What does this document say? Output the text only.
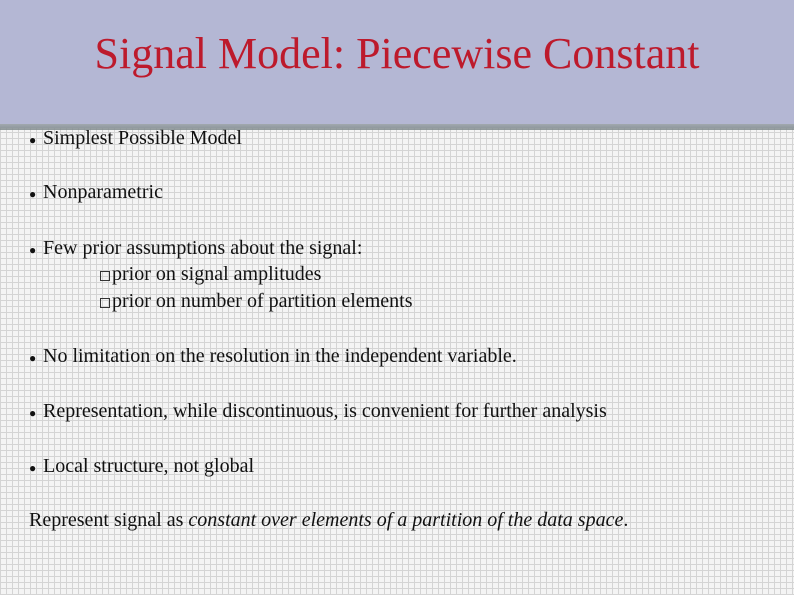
Signal Model: Piecewise Constant
● Simplest Possible Model
● Nonparametric
● Few prior assumptions about the signal:
prior on signal amplitudes
prior on number of partition elements
● No limitation on the resolution in the independent variable.
● Representation, while discontinuous, is convenient for further analysis
● Local structure, not global
Represent signal as constant over elements of a partition of the data space.
